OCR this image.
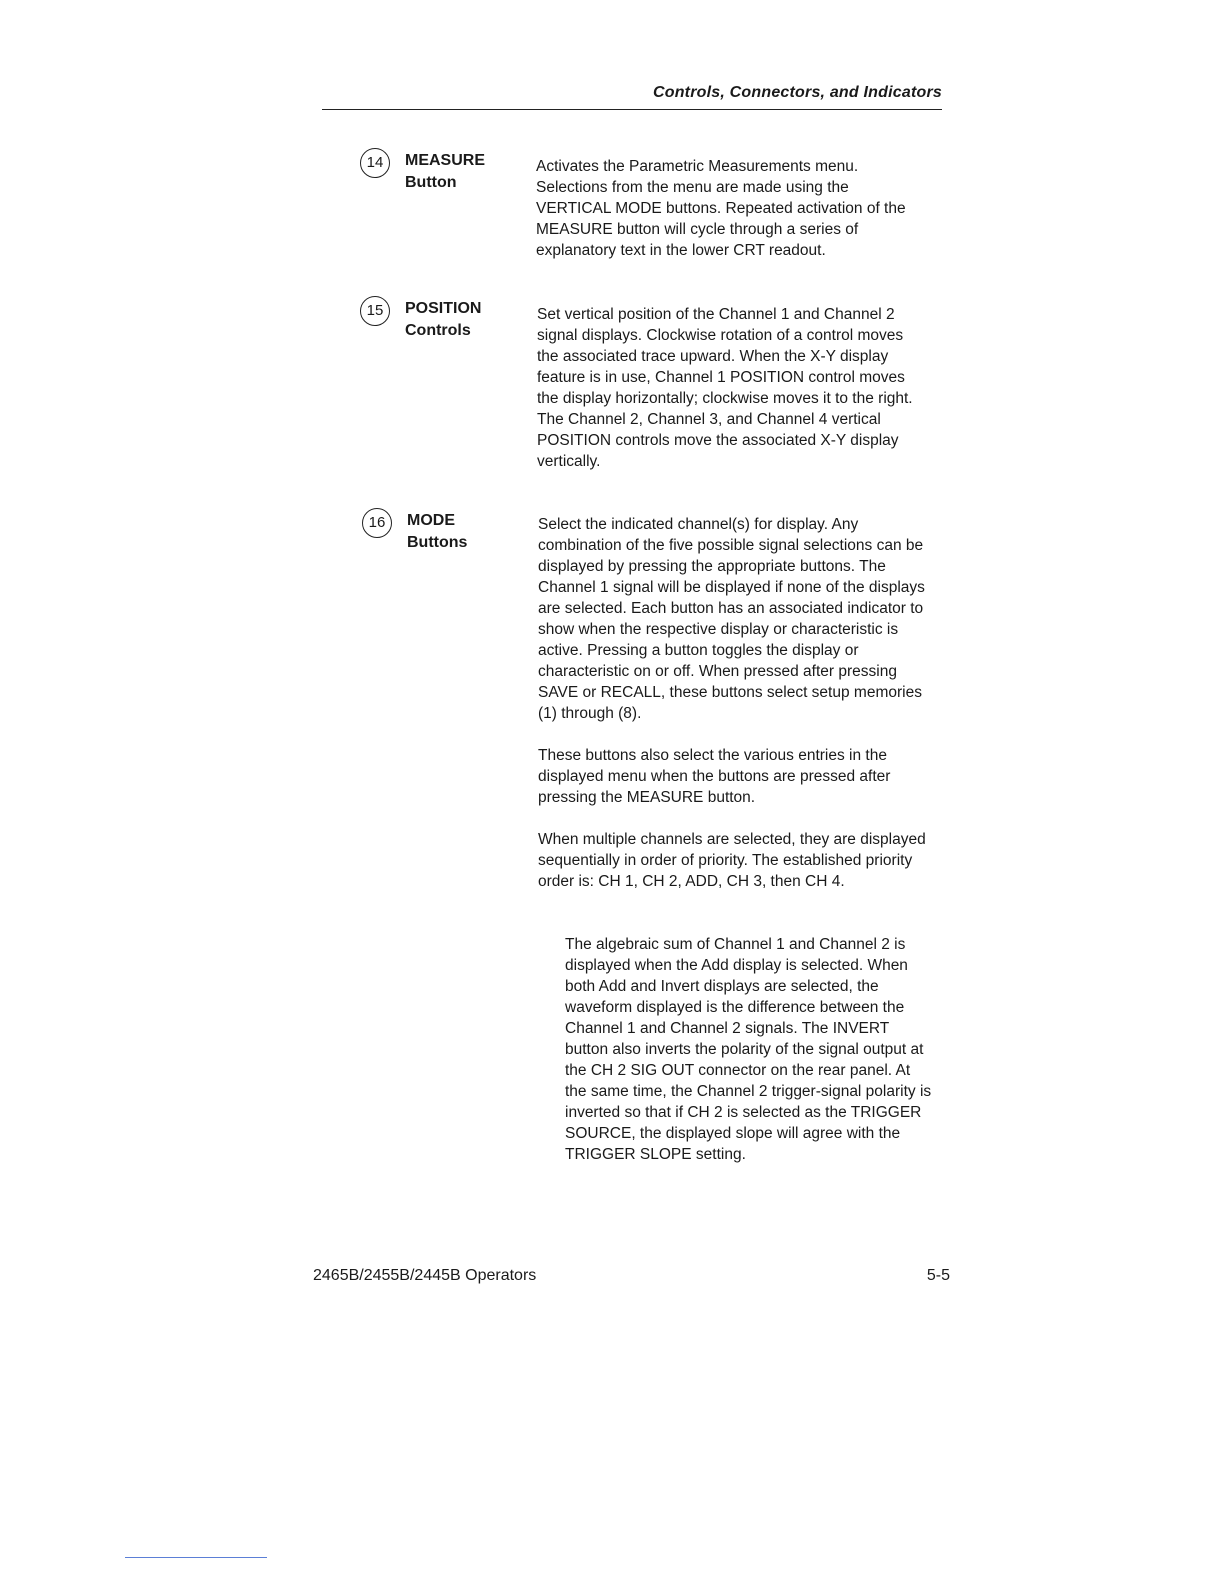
Controls, Connectors, and Indicators
14	MEASURE
Button
Activates the Parametric Measurements menu.
Selections from the menu are made using the
VERTICAL MODE buttons. Repeated activation of the
MEASURE button will cycle through a series of
explanatory text in the lower CRT readout.
15	POSITION
Controls
Set vertical position of the Channel 1 and Channel 2
signal displays. Clockwise rotation of a control moves
the associated trace upward. When the X-Y display
feature is in use, Channel 1 POSITION control moves
the display horizontally; clockwise moves it to the right.
The Channel 2, Channel 3, and Channel 4 vertical
POSITION controls move the associated X-Y display
vertically.
16	MODE
Buttons

Select the indicated channel(s) for display. Any
combination of the five possible signal selections can be
displayed by pressing the appropriate buttons. The
Channel 1 signal will be displayed if none of the displays
are selected. Each button has an associated indicator to
show when the respective display or characteristic is
active. Pressing a button toggles the display or
characteristic on or off. When pressed after pressing
SAVE or RECALL, these buttons select setup memories
(1) through (8).

These buttons also select the various entries in the
displayed menu when the buttons are pressed after
pressing the MEASURE button.

When multiple channels are selected, they are displayed
sequentially in order of priority. The established priority
order is: CH 1, CH 2, ADD, CH 3, then CH 4.

The algebraic sum of Channel 1 and Channel 2 is
displayed when the Add display is selected. When
both Add and Invert displays are selected, the
waveform displayed is the difference between the
Channel 1 and Channel 2 signals. The INVERT
button also inverts the polarity of the signal output at
the CH 2 SIG OUT connector on the rear panel. At
the same time, the Channel 2 trigger-signal polarity is
inverted so that if CH 2 is selected as the TRIGGER
SOURCE, the displayed slope will agree with the
TRIGGER SLOPE setting.
2465B/2455B/2445B Operators	5-5
